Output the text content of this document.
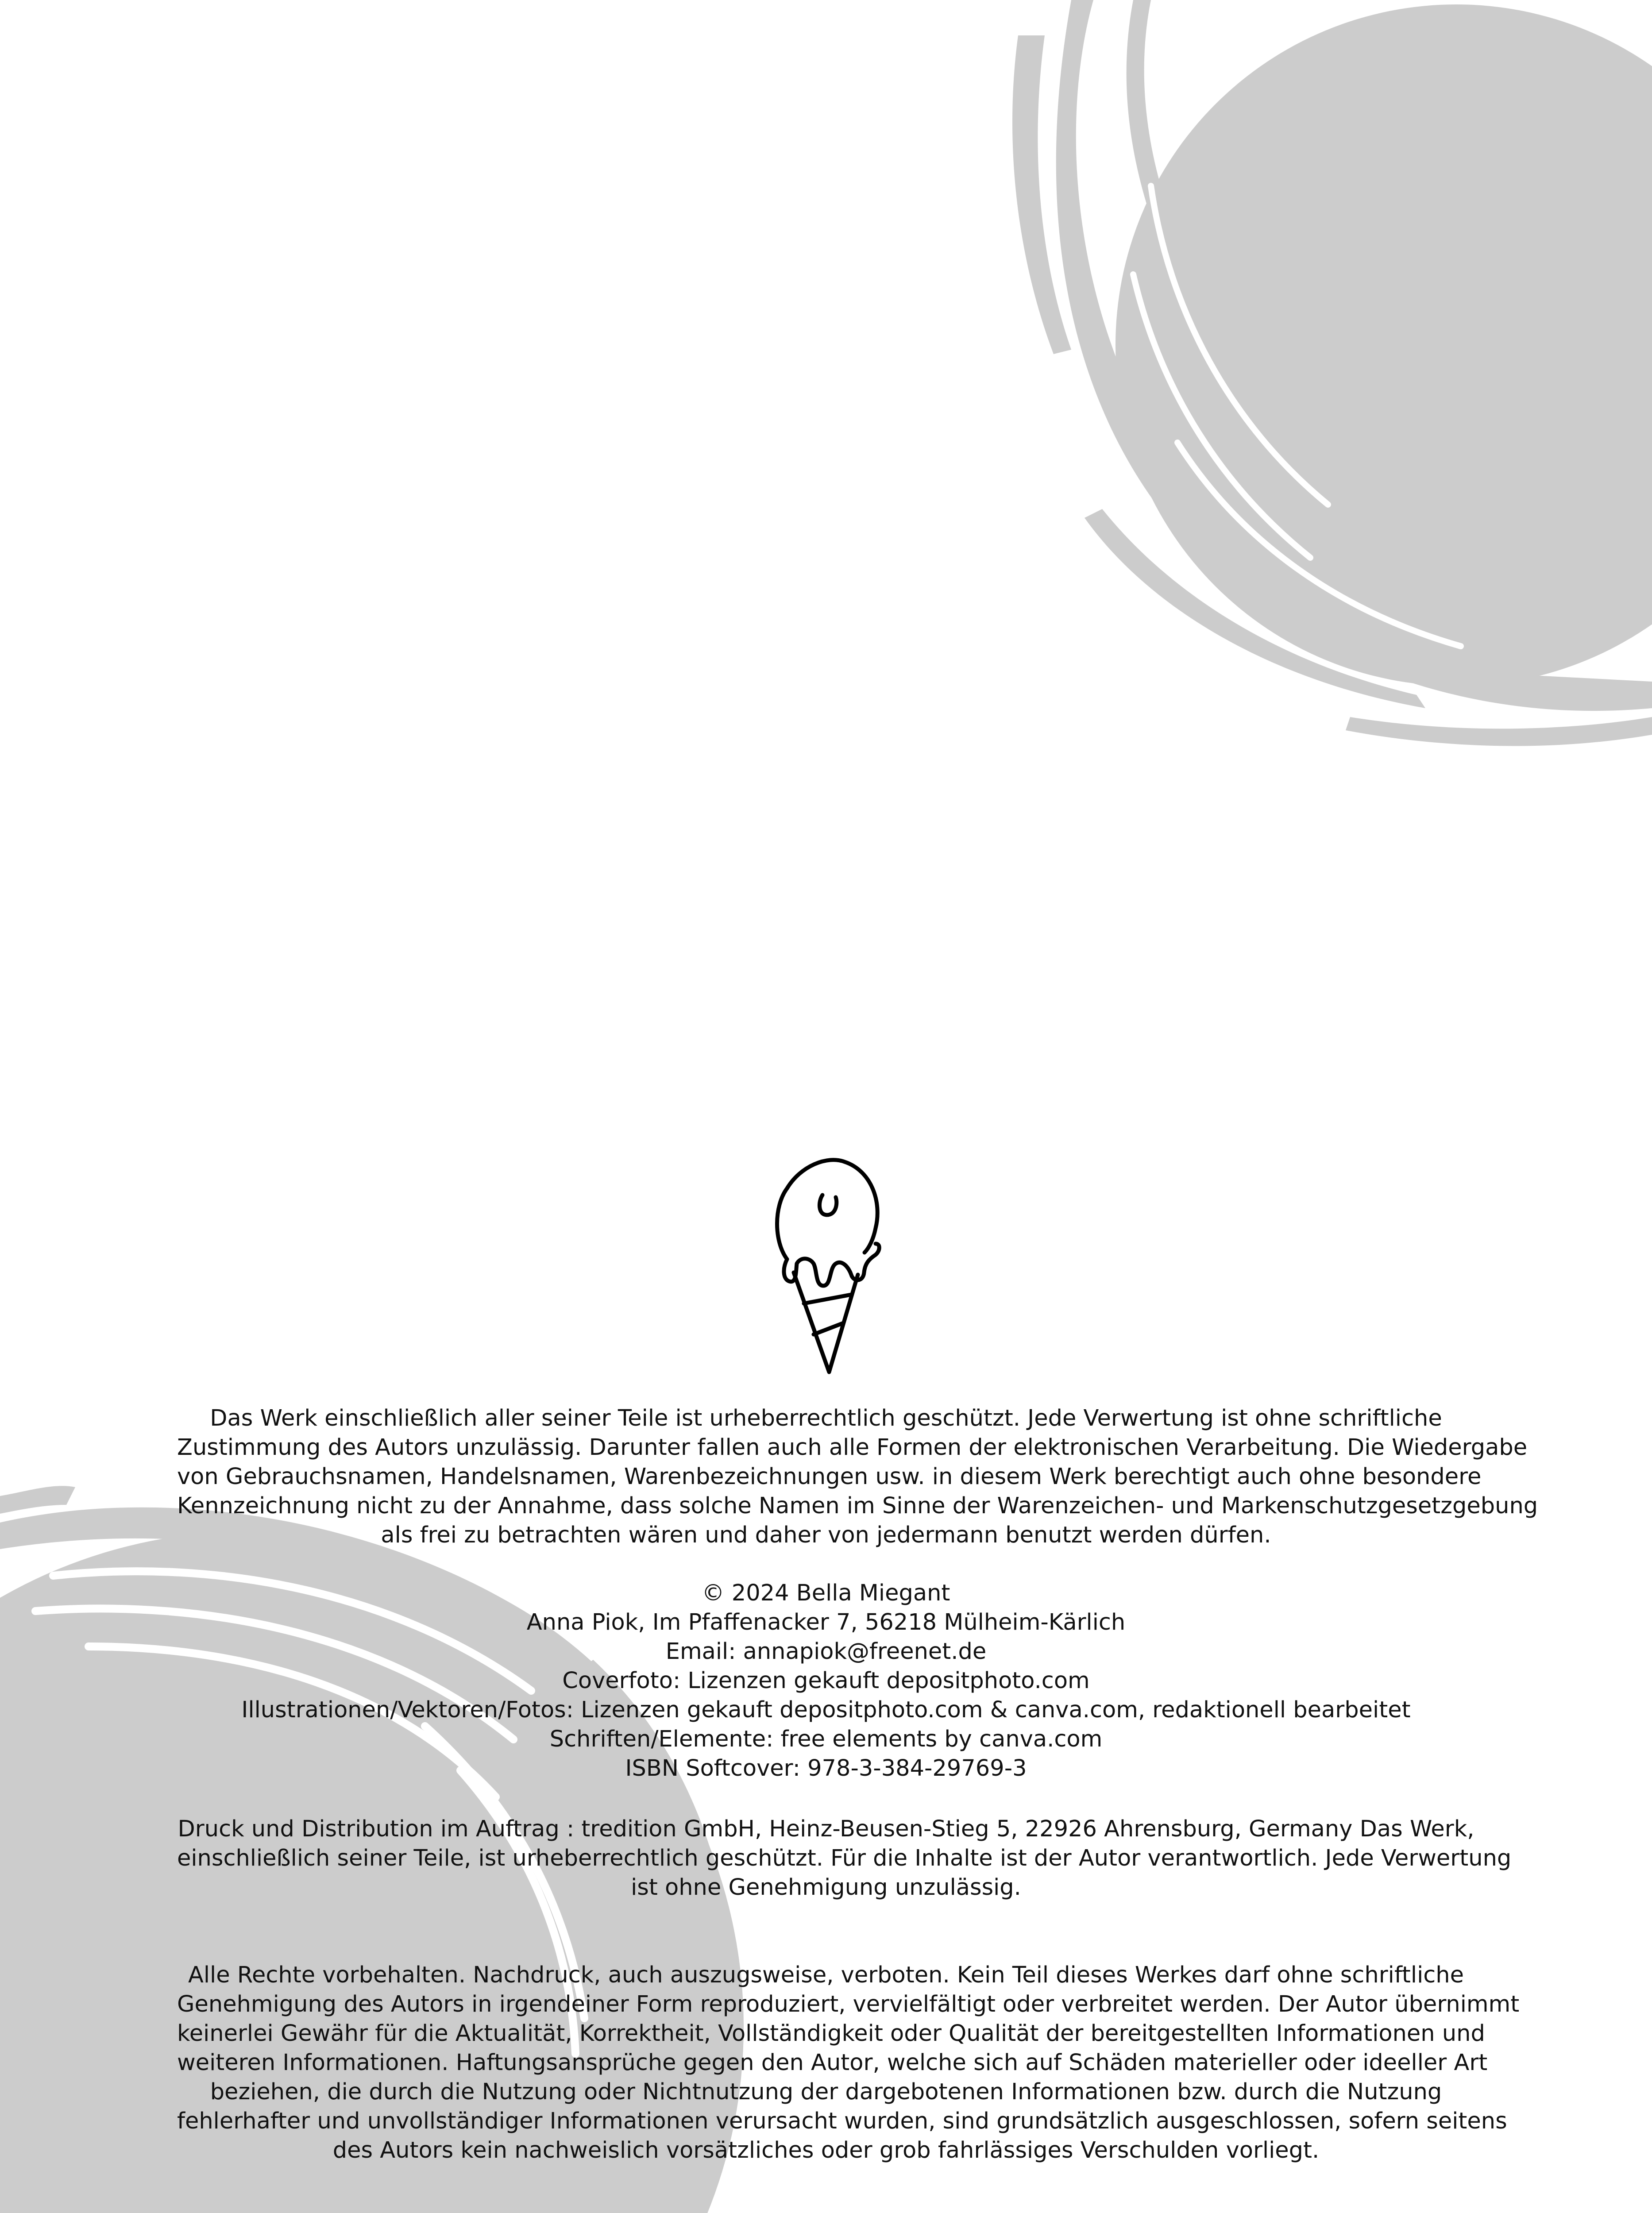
Das Werk einschließlich aller seiner Teile ist urheberrechtlich geschützt. Jede Verwertung ist ohne schriftliche
Zustimmung des Autors unzulässig. Darunter fallen auch alle Formen der elektronischen Verarbeitung. Die Wiedergabe
von Gebrauchsnamen, Handelsnamen, Warenbezeichnungen usw. in diesem Werk berechtigt auch ohne besondere
Kennzeichnung nicht zu der Annahme, dass solche Namen im Sinne der Warenzeichen- und Markenschutzgesetzgebung
als frei zu betrachten wären und daher von jedermann benutzt werden dürfen.

© 2024 Bella Miegant
Anna Piok, Im Pfaffenacker 7, 56218 Mülheim-Kärlich
Email: annapiok@freenet.de
Coverfoto: Lizenzen gekauft depositphoto.com
Illustrationen/Vektoren/Fotos: Lizenzen gekauft depositphoto.com & canva.com, redaktionell bearbeitet
Schriften/Elemente: free elements by canva.com
ISBN Softcover: 978-3-384-29769-3

Druck und Distribution im Auftrag : tredition GmbH, Heinz-Beusen-Stieg 5, 22926 Ahrensburg, Germany Das Werk,
einschließlich seiner Teile, ist urheberrechtlich geschützt. Für die Inhalte ist der Autor verantwortlich. Jede Verwertung
ist ohne Genehmigung unzulässig.

Alle Rechte vorbehalten. Nachdruck, auch auszugsweise, verboten. Kein Teil dieses Werkes darf ohne schriftliche
Genehmigung des Autors in irgendeiner Form reproduziert, vervielfältigt oder verbreitet werden. Der Autor übernimmt
keinerlei Gewähr für die Aktualität, Korrektheit, Vollständigkeit oder Qualität der bereitgestellten Informationen und
weiteren Informationen. Haftungsansprüche gegen den Autor, welche sich auf Schäden materieller oder ideeller Art
beziehen, die durch die Nutzung oder Nichtnutzung der dargebotenen Informationen bzw. durch die Nutzung
fehlerhafter und unvollständiger Informationen verursacht wurden, sind grundsätzlich ausgeschlossen, sofern seitens
des Autors kein nachweislich vorsätzliches oder grob fahrlässiges Verschulden vorliegt.
